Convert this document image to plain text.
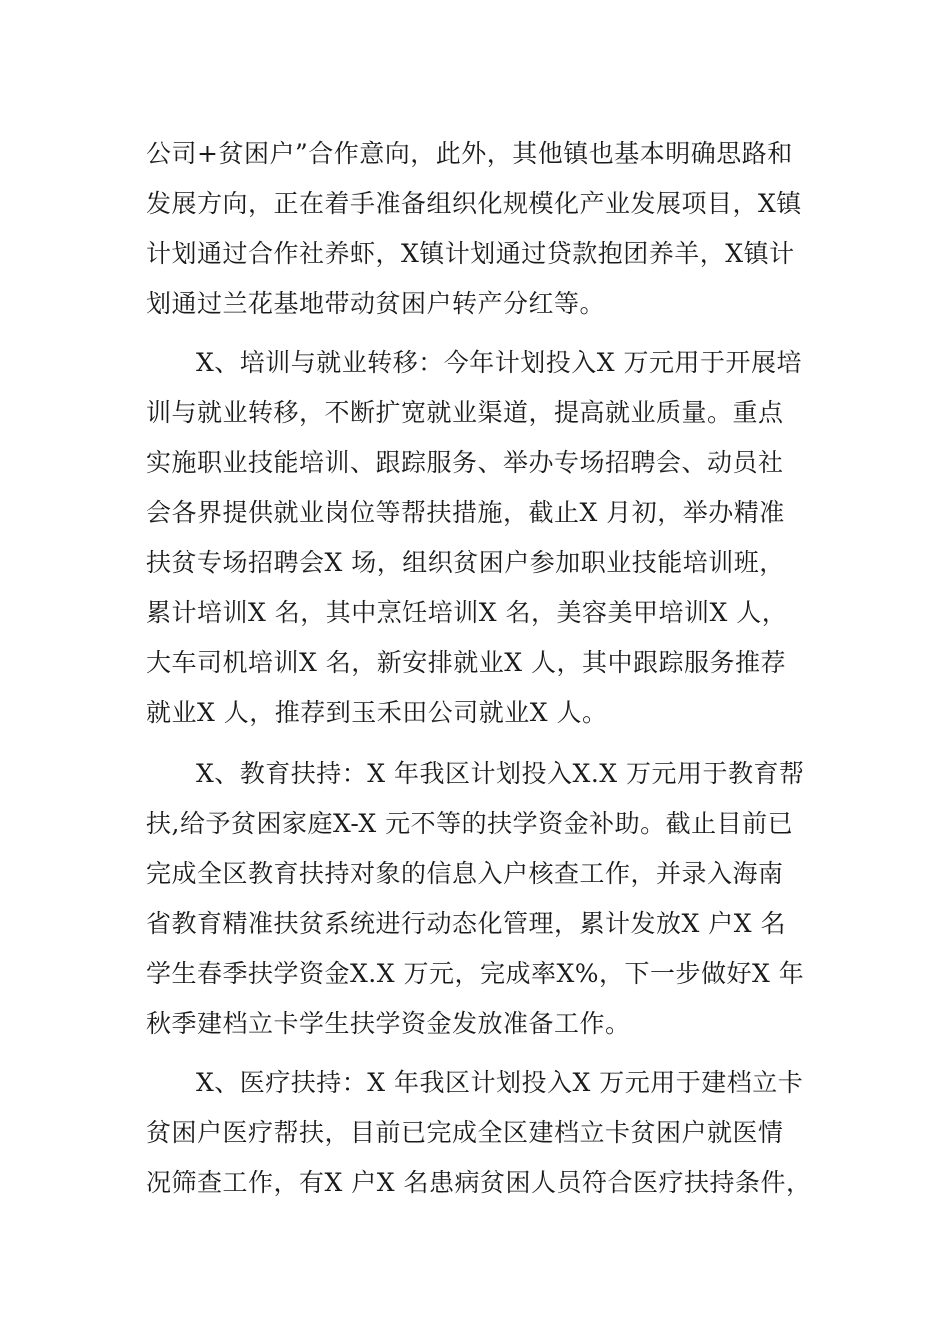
公司+贫困户”合作意向，此外，其他镇也基本明确思路和
发展方向，正在着手准备组织化规模化产业发展项目，X镇
计划通过合作社养虾，X镇计划通过贷款抱团养羊，X镇计
划通过兰花基地带动贫困户转产分红等。
X、培训与就业转移：今年计划投入X 万元用于开展培
训与就业转移，不断扩宽就业渠道，提高就业质量。重点
实施职业技能培训、跟踪服务、举办专场招聘会、动员社
会各界提供就业岗位等帮扶措施，截止X 月初，举办精准
扶贫专场招聘会X 场，组织贫困户参加职业技能培训班，
累计培训X 名，其中烹饪培训X 名，美容美甲培训X 人，
大车司机培训X 名，新安排就业X 人，其中跟踪服务推荐
就业X 人，推荐到玉禾田公司就业X 人。
X、教育扶持：X 年我区计划投入X.X 万元用于教育帮
扶,给予贫困家庭X-X 元不等的扶学资金补助。截止目前已
完成全区教育扶持对象的信息入户核查工作，并录入海南
省教育精准扶贫系统进行动态化管理，累计发放X 户X 名
学生春季扶学资金X.X 万元，完成率X%，下一步做好X 年
秋季建档立卡学生扶学资金发放准备工作。
X、医疗扶持：X 年我区计划投入X 万元用于建档立卡
贫困户医疗帮扶，目前已完成全区建档立卡贫困户就医情
况筛查工作，有X 户X 名患病贫困人员符合医疗扶持条件，
